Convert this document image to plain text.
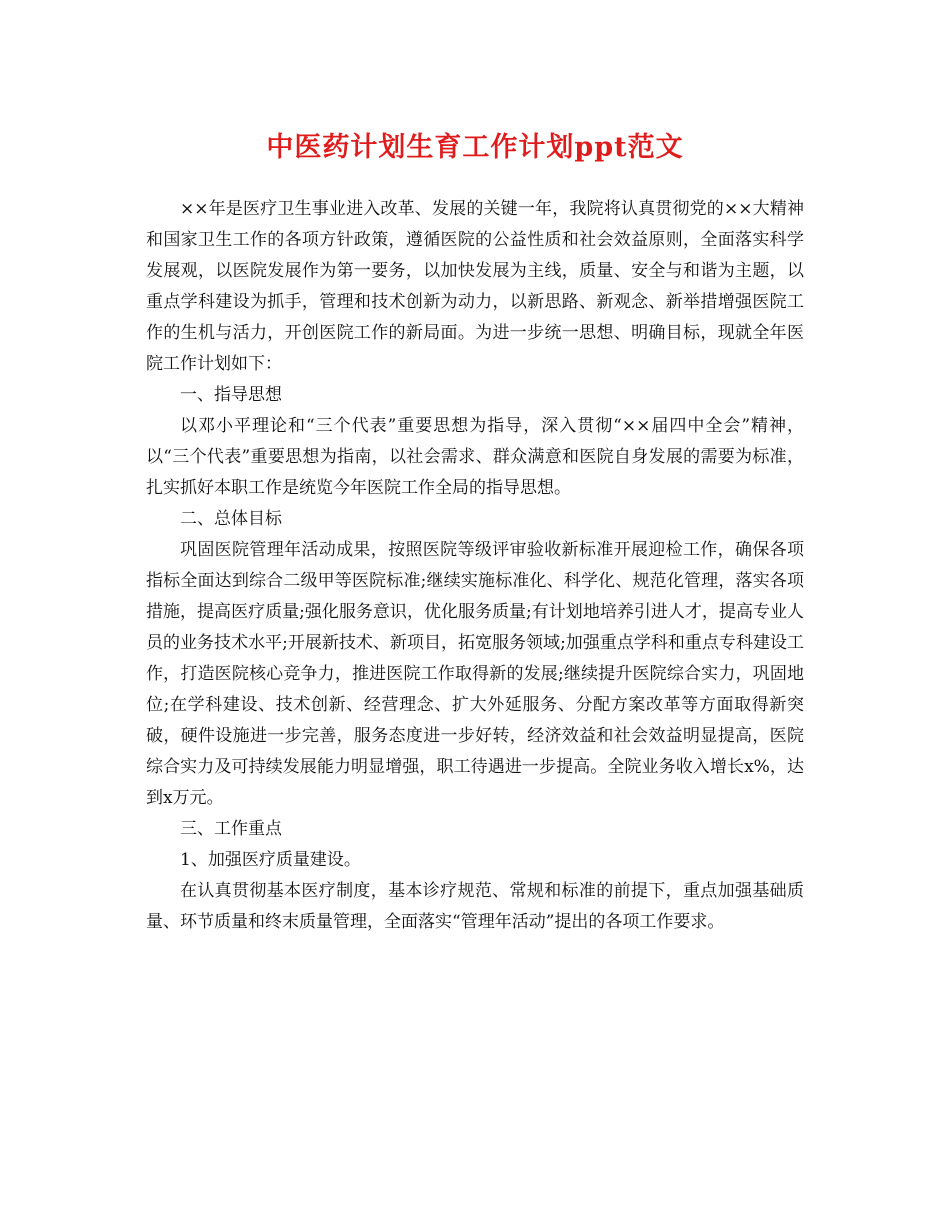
中医药计划生育工作计划ppt范文

××年是医疗卫生事业进入改革、发展的关键一年，我院将认真贯彻党的××大精神和国家卫生工作的各项方针政策，遵循医院的公益性质和社会效益原则，全面落实科学发展观，以医院发展作为第一要务，以加快发展为主线，质量、安全与和谐为主题，以重点学科建设为抓手，管理和技术创新为动力，以新思路、新观念、新举措增强医院工作的生机与活力，开创医院工作的新局面。为进一步统一思想、明确目标，现就全年医院工作计划如下：

一、指导思想

以邓小平理论和“三个代表”重要思想为指导，深入贯彻“××届四中全会”精神，以“三个代表”重要思想为指南，以社会需求、群众满意和医院自身发展的需要为标准，扎实抓好本职工作是统览今年医院工作全局的指导思想。

二、总体目标

巩固医院管理年活动成果，按照医院等级评审验收新标准开展迎检工作，确保各项指标全面达到综合二级甲等医院标准;继续实施标准化、科学化、规范化管理，落实各项措施，提高医疗质量;强化服务意识，优化服务质量;有计划地培养引进人才，提高专业人员的业务技术水平;开展新技术、新项目，拓宽服务领域;加强重点学科和重点专科建设工作，打造医院核心竞争力，推进医院工作取得新的发展;继续提升医院综合实力，巩固地位;在学科建设、技术创新、经营理念、扩大外延服务、分配方案改革等方面取得新突破，硬件设施进一步完善，服务态度进一步好转，经济效益和社会效益明显提高，医院综合实力及可持续发展能力明显增强，职工待遇进一步提高。全院业务收入增长x%，达到x万元。

三、工作重点

1、加强医疗质量建设。

在认真贯彻基本医疗制度，基本诊疗规范、常规和标准的前提下，重点加强基础质量、环节质量和终末质量管理，全面落实“管理年活动”提出的各项工作要求。
